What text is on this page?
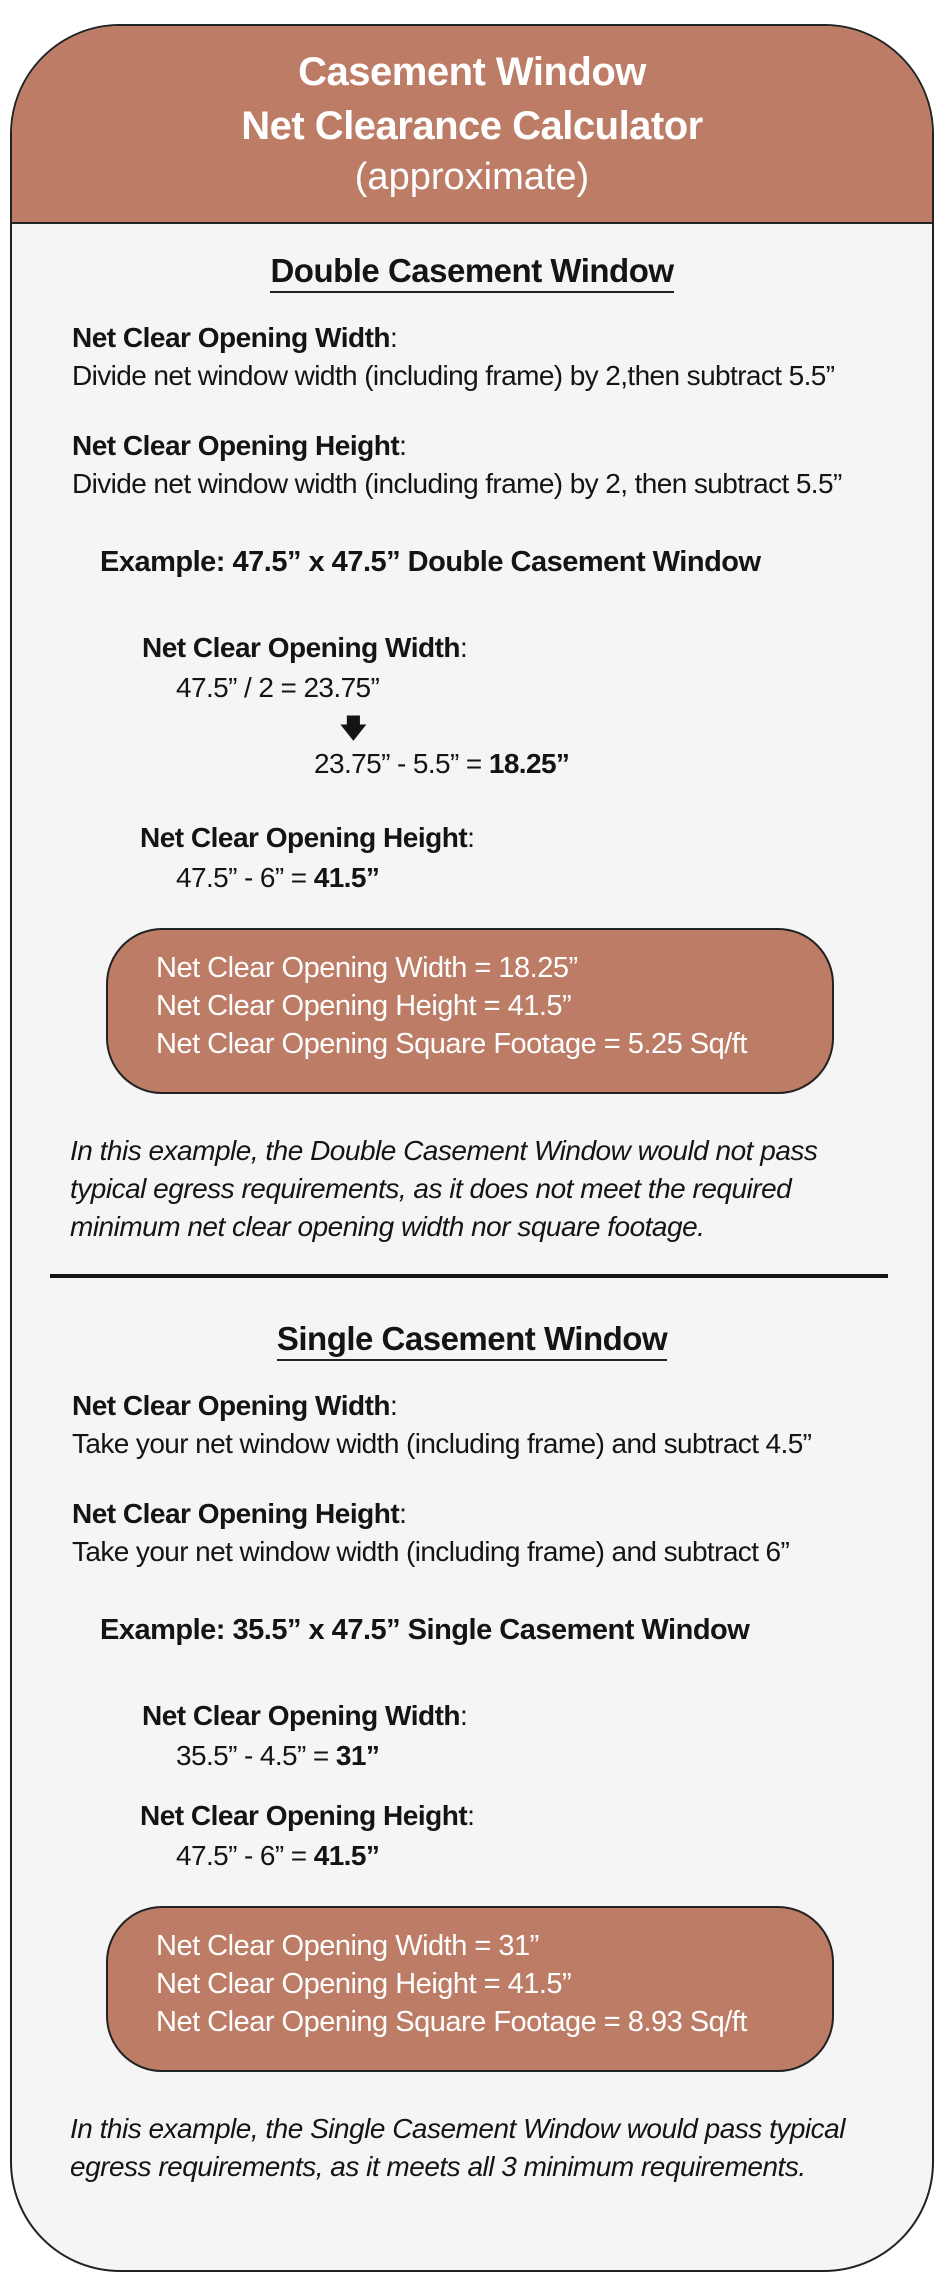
Casement Window
Net Clearance Calculator
(approximate)
Double Casement Window
Net Clear Opening Width:
Divide net window width (including frame) by 2,then subtract 5.5”
Net Clear Opening Height:
Divide net window width (including frame) by 2, then subtract 5.5”
Example: 47.5” x 47.5” Double Casement Window
Net Clear Opening Width:
47.5” / 2 = 23.75”
🡇
23.75” - 5.5” = 18.25”
Net Clear Opening Height:
47.5” - 6” = 41.5”
Net Clear Opening Width = 18.25”
Net Clear Opening Height = 41.5”
Net Clear Opening Square Footage = 5.25 Sq/ft
In this example, the Double Casement Window would not pass typical egress requirements, as it does not meet the required minimum net clear opening width nor square footage.
Single Casement Window
Net Clear Opening Width:
Take your net window width (including frame) and subtract 4.5”
Net Clear Opening Height:
Take your net window width (including frame) and subtract 6”
Example: 35.5” x 47.5” Single Casement Window
Net Clear Opening Width:
35.5” - 4.5” = 31”
Net Clear Opening Height:
47.5” - 6” = 41.5”
Net Clear Opening Width = 31”
Net Clear Opening Height = 41.5”
Net Clear Opening Square Footage = 8.93 Sq/ft
In this example, the Single Casement Window would pass typical egress requirements, as it meets all 3 minimum requirements.
